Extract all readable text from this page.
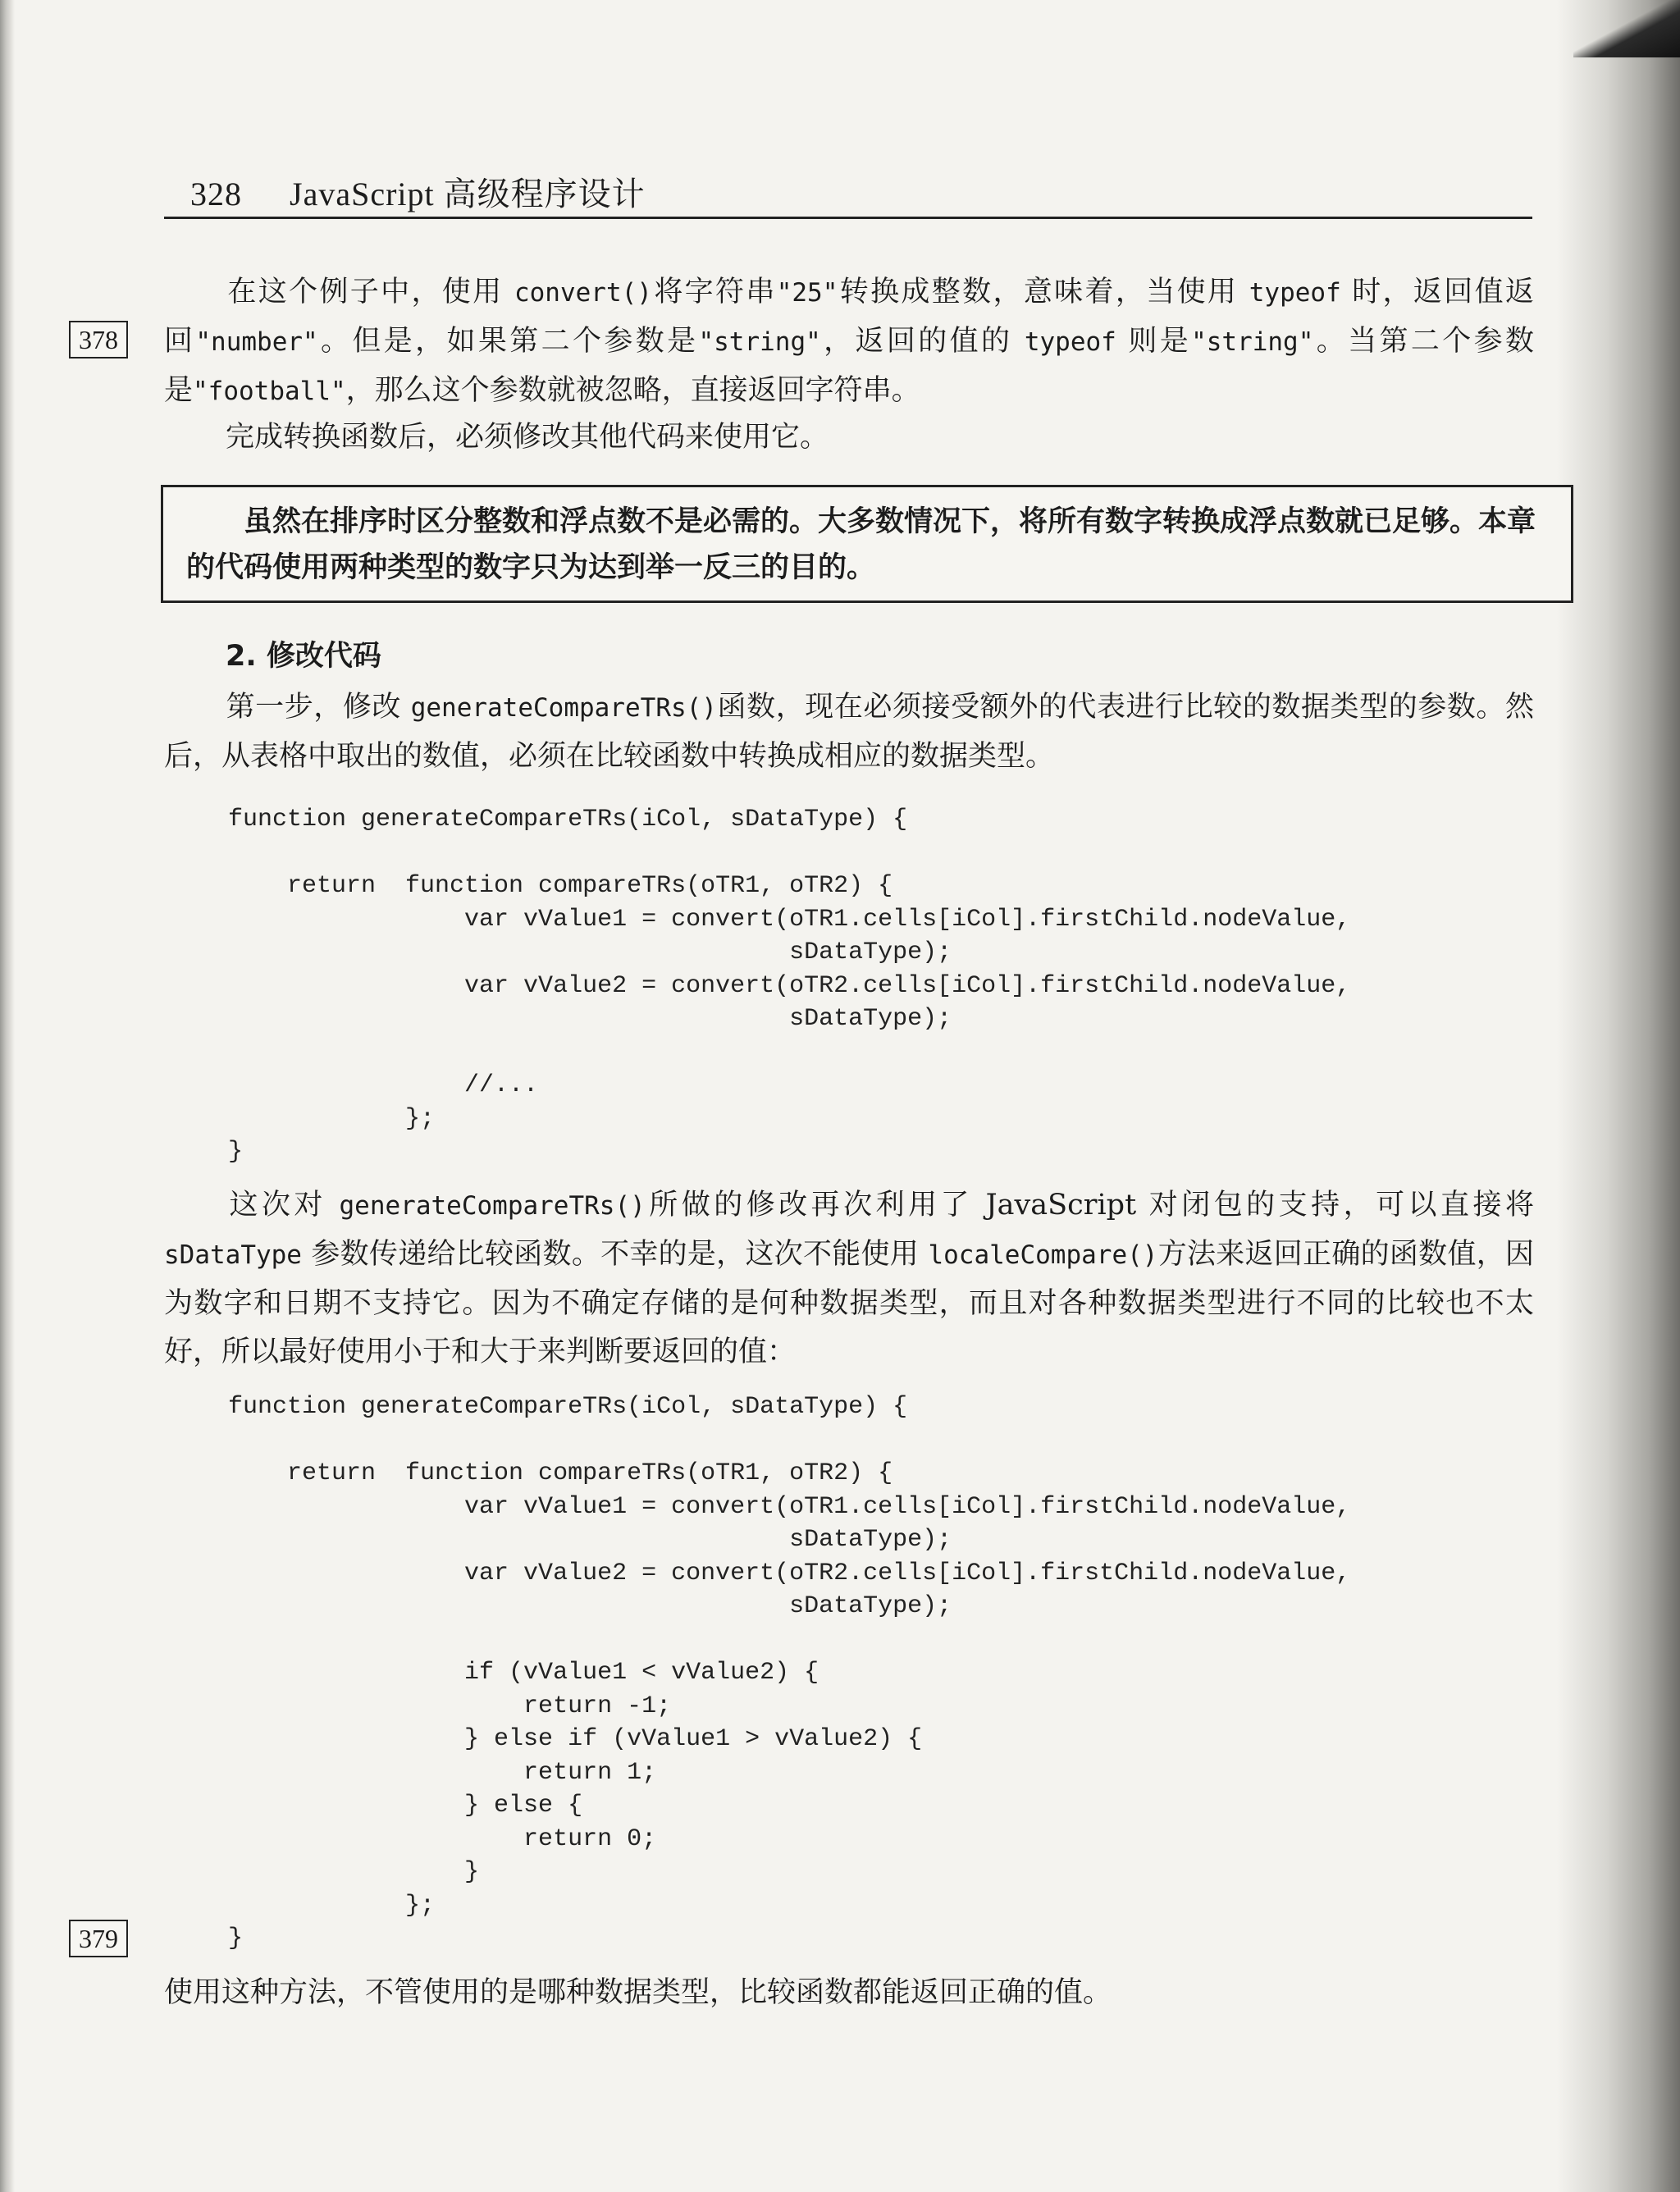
328 JavaScript 高级程序设计
378

在这个例子中，使用 convert()将字符串"25"转换成整数，意味着，当使用 typeof 时，返回值返回"number"。但是，如果第二个参数是"string"，返回的值的 typeof 则是"string"。当第二个参数是"football"，那么这个参数就被忽略，直接返回字符串。

完成转换函数后，必须修改其他代码来使用它。

虽然在排序时区分整数和浮点数不是必需的。大多数情况下，将所有数字转换成浮点数就已足够。本章的代码使用两种类型的数字只为达到举一反三的目的。
2. 修改代码

第一步，修改 generateCompareTRs()函数，现在必须接受额外的代表进行比较的数据类型的参数。然后，从表格中取出的数值，必须在比较函数中转换成相应的数据类型。

function generateCompareTRs(iCol, sDataType) {

return  function compareTRs(oTR1, oTR2) {
var vValue1 = convert(oTR1.cells[iCol].firstChild.nodeValue,
sDataType);
var vValue2 = convert(oTR2.cells[iCol].firstChild.nodeValue,
sDataType);

//...
};
}

这次对 generateCompareTRs()所做的修改再次利用了 JavaScript 对闭包的支持，可以直接将 sDataType 参数传递给比较函数。不幸的是，这次不能使用 localeCompare()方法来返回正确的函数值，因为数字和日期不支持它。因为不确定存储的是何种数据类型，而且对各种数据类型进行不同的比较也不太好，所以最好使用小于和大于来判断要返回的值：

function generateCompareTRs(iCol, sDataType) {

return  function compareTRs(oTR1, oTR2) {
var vValue1 = convert(oTR1.cells[iCol].firstChild.nodeValue,
sDataType);
var vValue2 = convert(oTR2.cells[iCol].firstChild.nodeValue,
sDataType);

if (vValue1 < vValue2) {
return -1;
} else if (vValue1 > vValue2) {
return 1;
} else {
return 0;
}
};
}
379

使用这种方法，不管使用的是哪种数据类型，比较函数都能返回正确的值。
